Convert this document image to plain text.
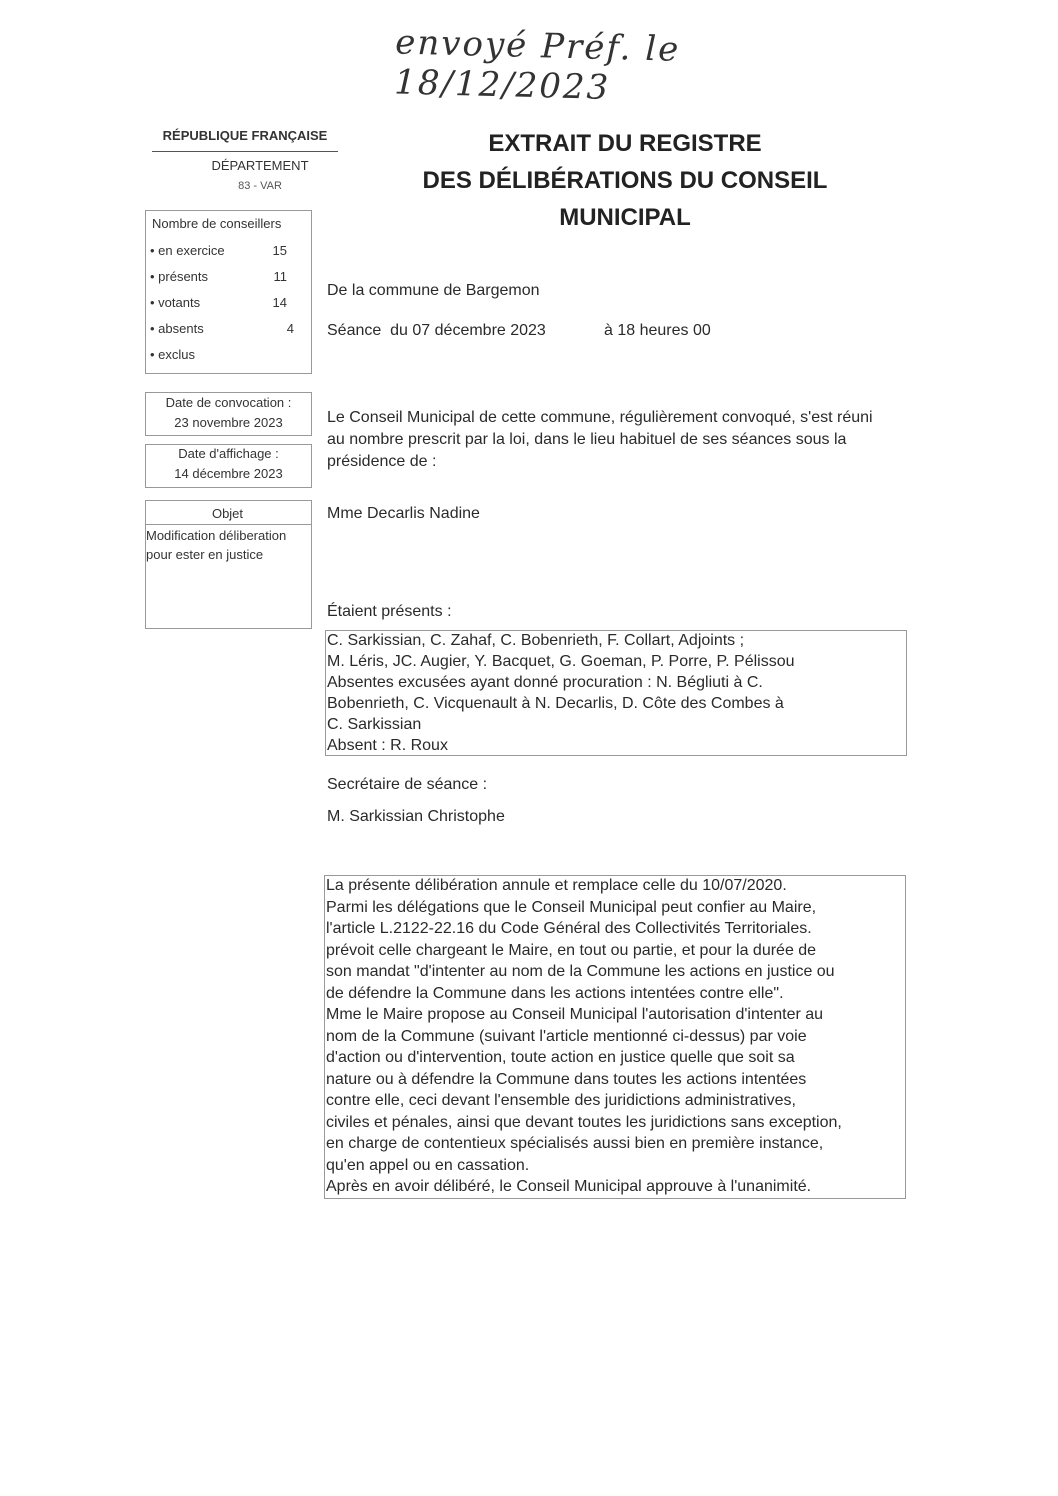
envoyé Préf. le 18/12/2023
RÉPUBLIQUE FRANÇAISE
DÉPARTEMENT
83 - VAR
EXTRAIT DU REGISTRE
DES DÉLIBÉRATIONS DU CONSEIL
MUNICIPAL
Nombre de conseillers
• en exercice	15
• présents	11
• votants	14
• absents	4
• exclus
Date de convocation :
23 novembre 2023
Date d'affichage :
14 décembre 2023
Objet
Modification déliberation
pour ester en justice
De la commune de Bargemon
Séance  du 07 décembre 2023	à 18 heures 00
Le Conseil Municipal de cette commune, régulièrement convoqué, s'est réuni au nombre prescrit par la loi, dans le lieu habituel de ses séances sous la présidence de :
Mme Decarlis Nadine
Étaient présents :
C. Sarkissian, C. Zahaf, C. Bobenrieth, F. Collart, Adjoints ;
M. Léris, JC. Augier, Y. Bacquet, G. Goeman, P. Porre, P. Pélissou
Absentes excusées ayant donné procuration : N. Bégliuti à C.
Bobenrieth, C. Vicquenault à N. Decarlis, D. Côte des Combes à
C. Sarkissian
Absent : R. Roux
Secrétaire de séance :
M. Sarkissian Christophe
La présente délibération annule et remplace celle du 10/07/2020.
Parmi les délégations que le Conseil Municipal peut confier au Maire,
l'article L.2122-22.16 du Code Général des Collectivités Territoriales.
prévoit celle chargeant le Maire, en tout ou partie, et pour la durée de
son mandat "d'intenter au nom de la Commune les actions en justice ou
de défendre la Commune dans les actions intentées contre elle".
Mme le Maire propose au Conseil Municipal l'autorisation d'intenter au
nom de la Commune (suivant l'article mentionné ci-dessus) par voie
d'action ou d'intervention, toute action en justice quelle que soit sa
nature ou à défendre la Commune dans toutes les actions intentées
contre elle, ceci devant l'ensemble des juridictions administratives,
civiles et pénales, ainsi que devant toutes les juridictions sans exception,
en charge de contentieux spécialisés aussi bien en première instance,
qu'en appel ou en cassation.
Après en avoir délibéré, le Conseil Municipal approuve à l'unanimité.
